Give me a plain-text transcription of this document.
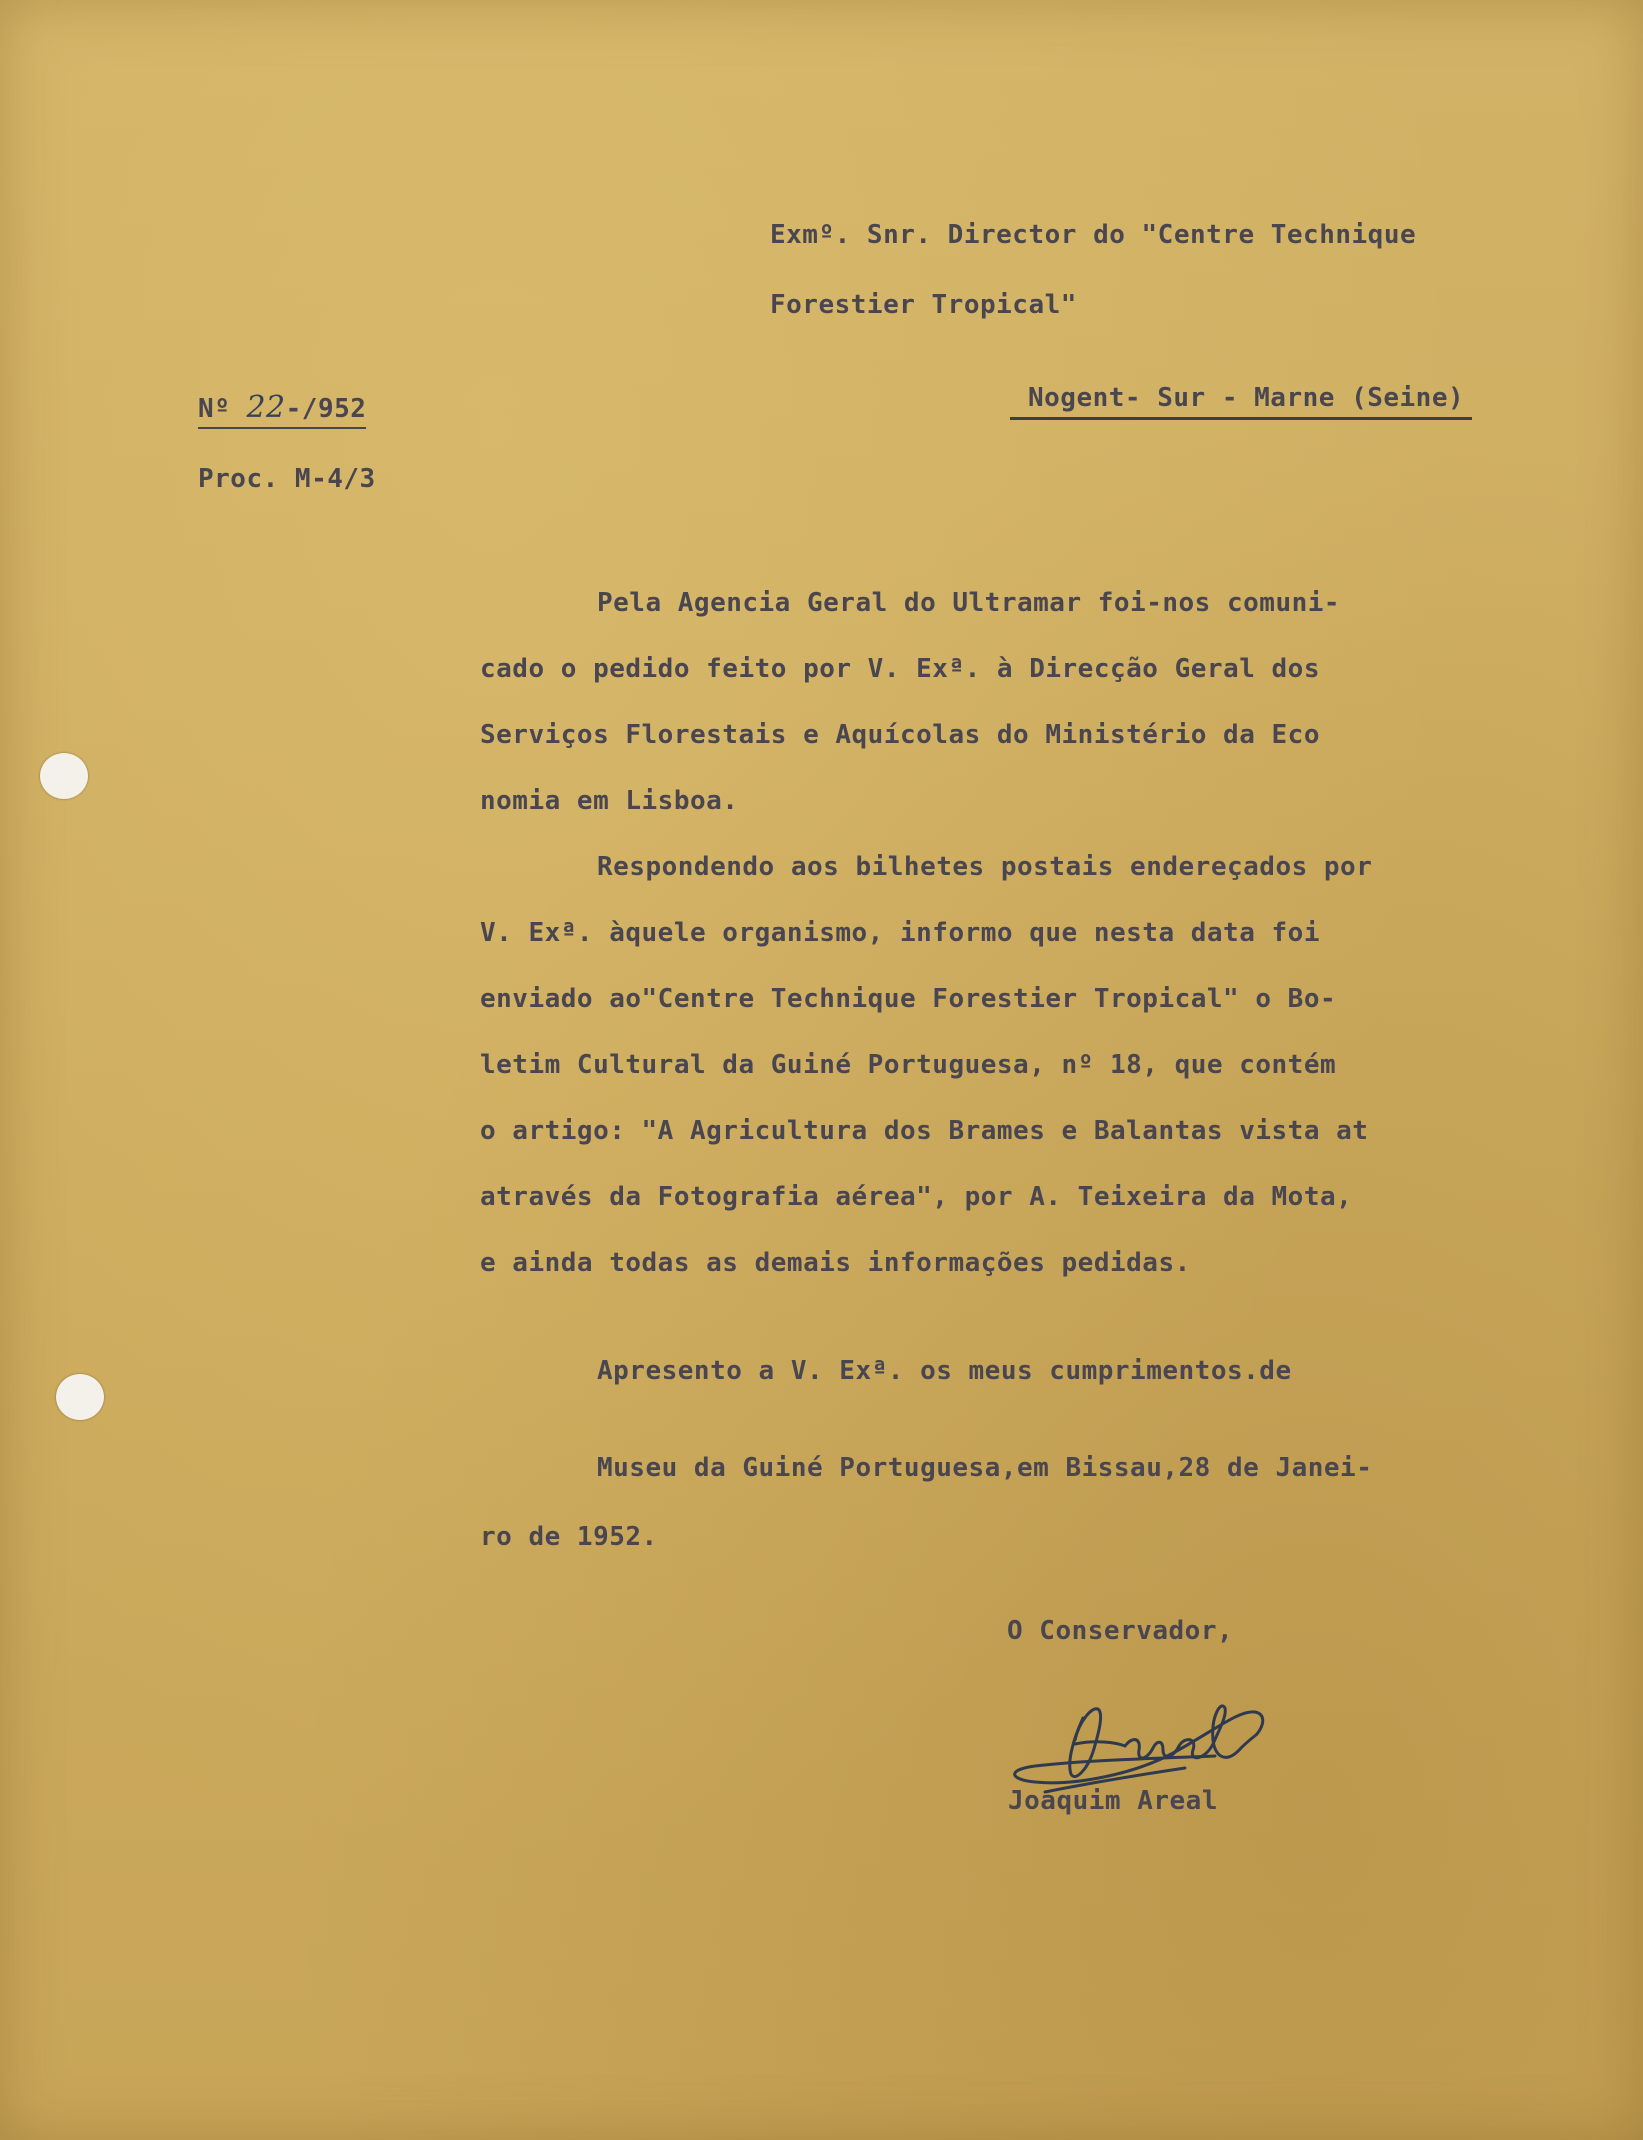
Exmº. Snr. Director do "Centre Technique
Forestier Tropical"
Nogent- Sur - Marne (Seine)
Nº 22-/952
Proc. M-4/3
Pela Agencia Geral do Ultramar foi-nos comuni-
cado o pedido feito por V. Exª. à Direcção Geral dos
Serviços Florestais e Aquícolas do Ministério da Eco
nomia em Lisboa.
Respondendo aos bilhetes postais endereçados por
V. Exª. àquele organismo, informo que nesta data foi
enviado ao"Centre Technique Forestier Tropical" o Bo-
letim Cultural da Guiné Portuguesa, nº 18, que contém
o artigo: "A Agricultura dos Brames e Balantas vista at
através da Fotografia aérea", por A. Teixeira da Mota,
e ainda todas as demais informações pedidas.
Apresento a V. Exª. os meus cumprimentos.de
Museu da Guiné Portuguesa,em Bissau,28 de Janei-
ro de 1952.
O Conservador,
Joaquim Areal
